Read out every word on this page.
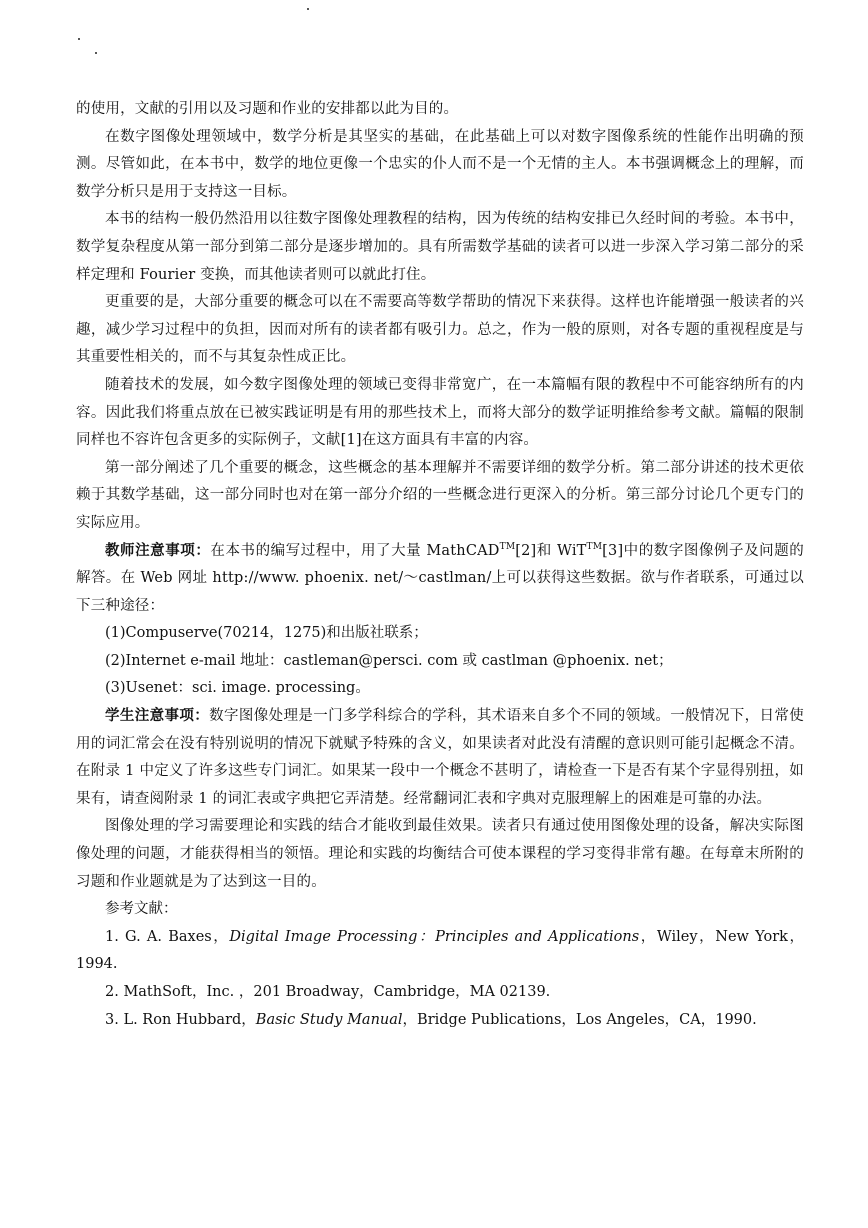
的使用，文献的引用以及习题和作业的安排都以此为目的。

在数字图像处理领域中，数学分析是其坚实的基础，在此基础上可以对数字图像系统的性能作出明确的预测。尽管如此，在本书中，数学的地位更像一个忠实的仆人而不是一个无情的主人。本书强调概念上的理解，而数学分析只是用于支持这一目标。

本书的结构一般仍然沿用以往数字图像处理教程的结构，因为传统的结构安排已久经时间的考验。本书中，数学复杂程度从第一部分到第二部分是逐步增加的。具有所需数学基础的读者可以进一步深入学习第二部分的采样定理和 Fourier 变换，而其他读者则可以就此打住。

更重要的是，大部分重要的概念可以在不需要高等数学帮助的情况下来获得。这样也许能增强一般读者的兴趣，减少学习过程中的负担，因而对所有的读者都有吸引力。总之，作为一般的原则，对各专题的重视程度是与其重要性相关的，而不与其复杂性成正比。

随着技术的发展，如今数字图像处理的领域已变得非常宽广，在一本篇幅有限的教程中不可能容纳所有的内容。因此我们将重点放在已被实践证明是有用的那些技术上，而将大部分的数学证明推给参考文献。篇幅的限制同样也不容许包含更多的实际例子，文献[1]在这方面具有丰富的内容。

第一部分阐述了几个重要的概念，这些概念的基本理解并不需要详细的数学分析。第二部分讲述的技术更依赖于其数学基础，这一部分同时也对在第一部分介绍的一些概念进行更深入的分析。第三部分讨论几个更专门的实际应用。

教师注意事项：在本书的编写过程中，用了大量 MathCAD™[2]和 WiT™[3]中的数字图像例子及问题的解答。在 Web 网址 http://www. phoenix. net/～castlman/上可以获得这些数据。欲与作者联系，可通过以下三种途径：

(1)Compuserve(70214，1275)和出版社联系；
(2)Internet e-mail 地址：castleman@persci. com 或 castlman @phoenix. net；
(3)Usenet：sci. image. processing。

学生注意事项：数字图像处理是一门多学科综合的学科，其术语来自多个不同的领域。一般情况下，日常使用的词汇常会在没有特别说明的情况下就赋予特殊的含义，如果读者对此没有清醒的意识则可能引起概念不清。在附录 1 中定义了许多这些专门词汇。如果某一段中一个概念不甚明了，请检查一下是否有某个字显得别扭，如果有，请查阅附录 1 的词汇表或字典把它弄清楚。经常翻词汇表和字典对克服理解上的困难是可靠的办法。

图像处理的学习需要理论和实践的结合才能收到最佳效果。读者只有通过使用图像处理的设备，解决实际图像处理的问题，才能获得相当的领悟。理论和实践的均衡结合可使本课程的学习变得非常有趣。在每章末所附的习题和作业题就是为了达到这一目的。

参考文献：
1. G. A. Baxes，Digital Image Processing：Principles and Applications，Wiley，New York，1994.
2. MathSoft，Inc. ，201 Broadway，Cambridge，MA 02139.
3. L. Ron Hubbard，Basic Study Manual，Bridge Publications，Los Angeles，CA，1990.
